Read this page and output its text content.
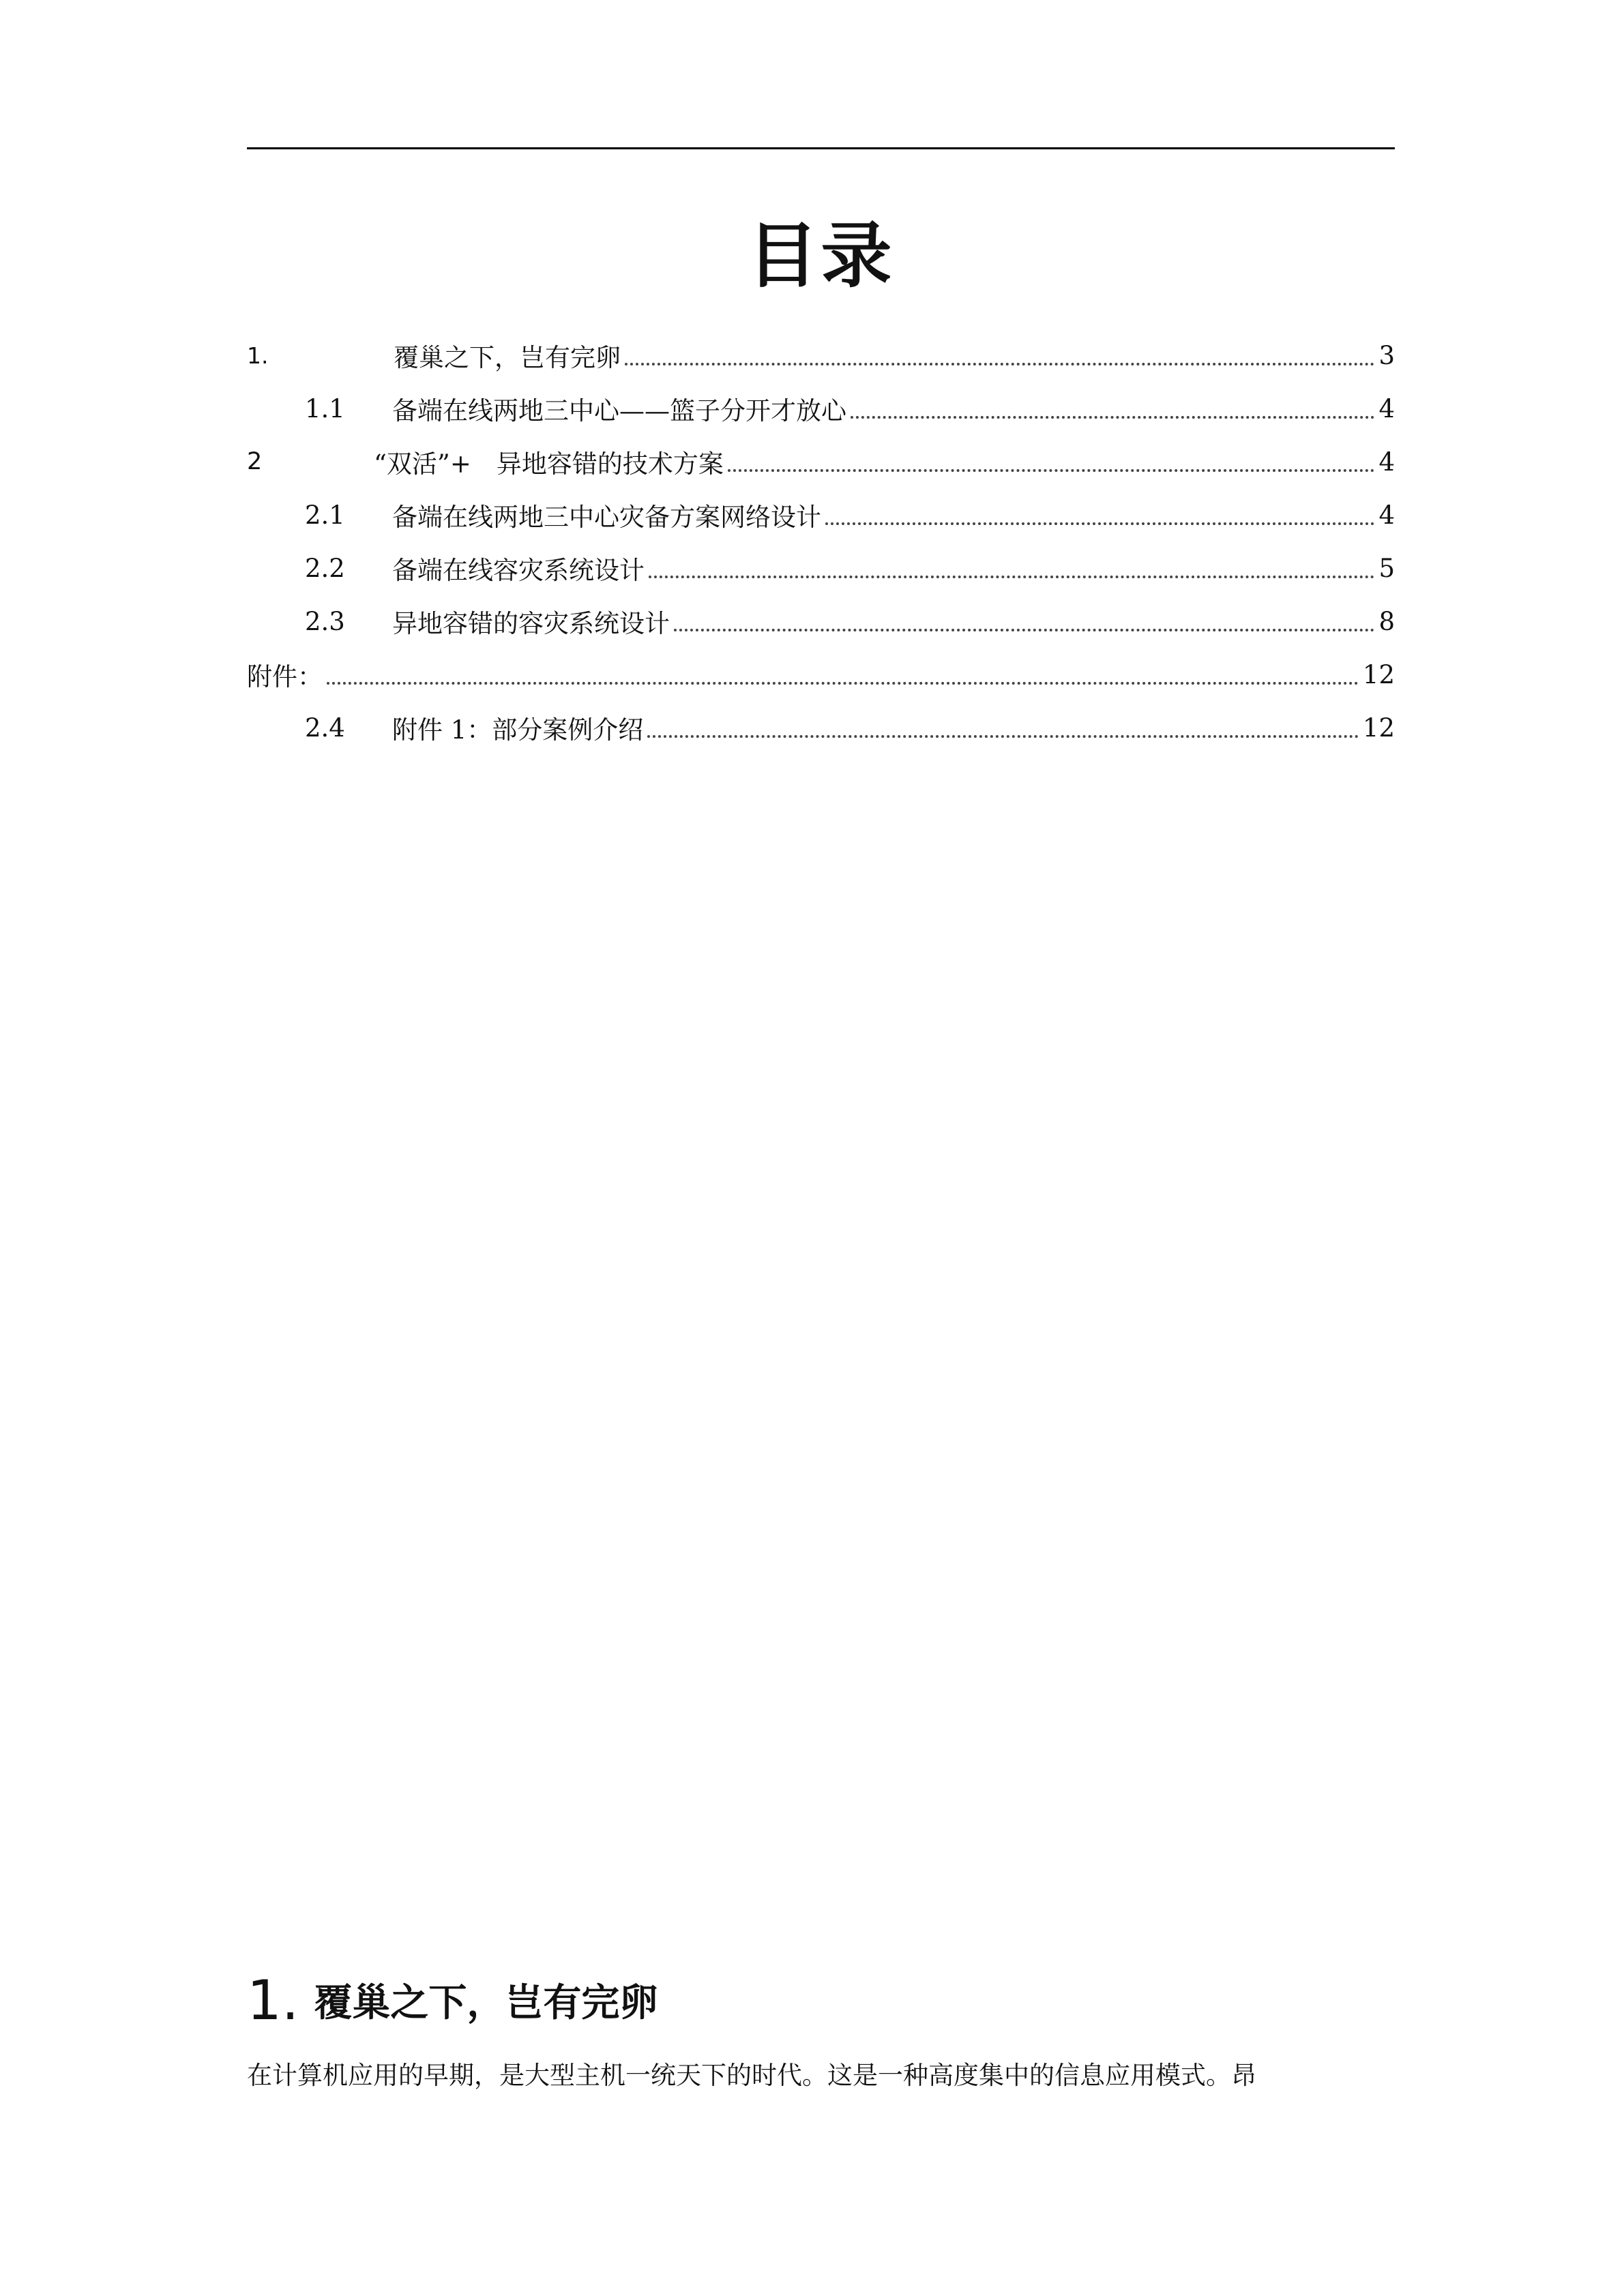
目录
1.	覆巢之下，岂有完卵	3
1.1	备端在线两地三中心——篮子分开才放心	4
2	“双活”+　异地容错的技术方案	4
2.1	备端在线两地三中心灾备方案网络设计	4
2.2	备端在线容灾系统设计	5
2.3	异地容错的容灾系统设计	8
附件：	12
2.4	附件 1：部分案例介绍	12
1. 覆巢之下，岂有完卵
在计算机应用的早期，是大型主机一统天下的时代。这是一种高度集中的信息应用模式。昂
